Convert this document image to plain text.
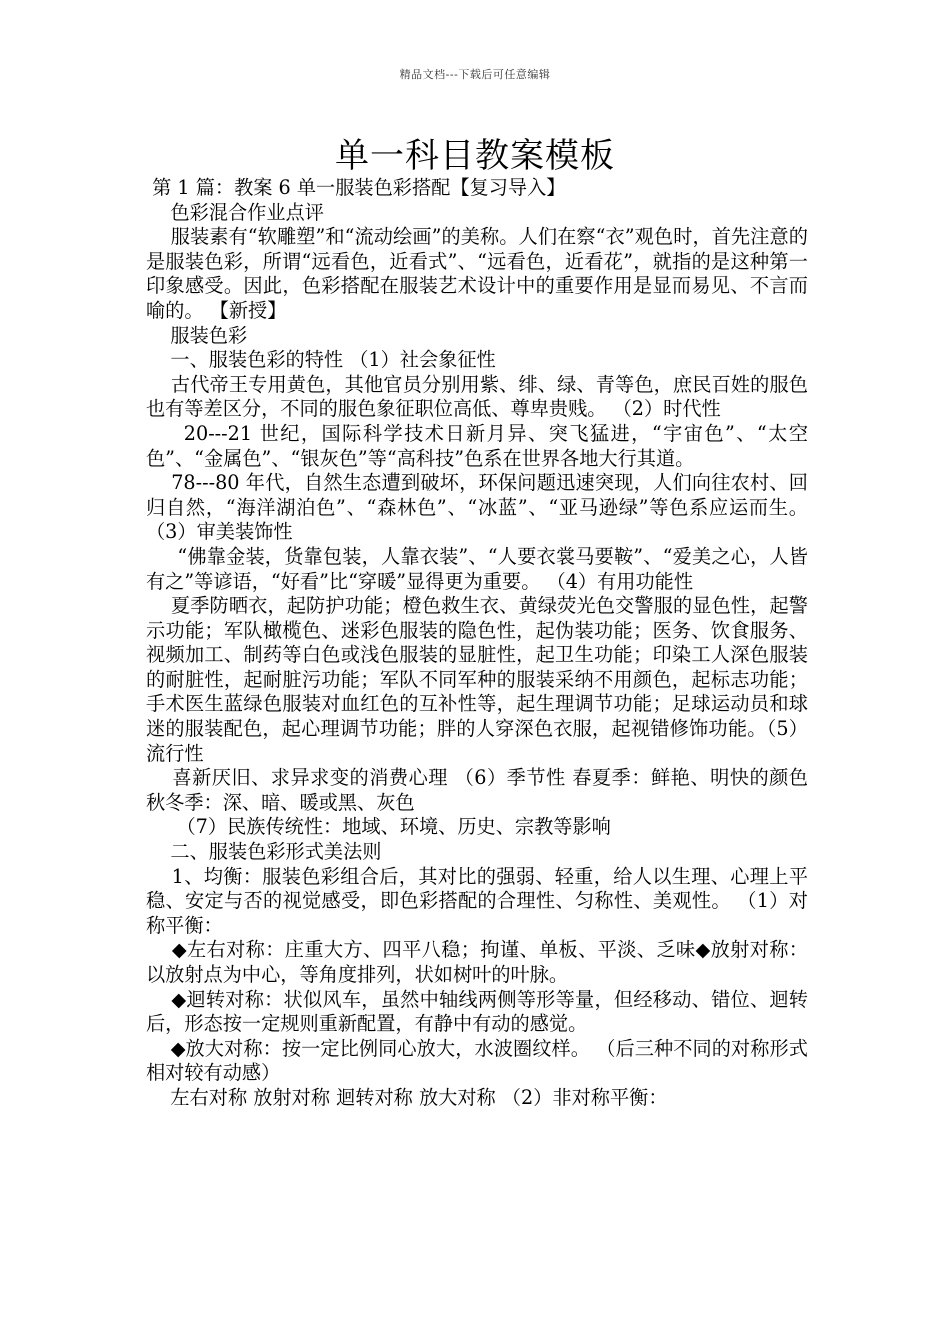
精品文档---下载后可任意编辑
单一科目教案模板

第 1 篇：教案 6 单一服装色彩搭配【复习导入】

色彩混合作业点评

服装素有“软雕塑”和“流动绘画”的美称。人们在察“衣”观色时，首先注意的是服装色彩，所谓“远看色，近看式”、“远看色，近看花”，就指的是这种第一印象感受。因此，色彩搭配在服装艺术设计中的重要作用是显而易见、不言而喻的。 【新授】

服装色彩

一、服装色彩的特性 （1）社会象征性

古代帝王专用黄色，其他官员分别用紫、绯、绿、青等色，庶民百姓的服色也有等差区分，不同的服色象征职位高低、尊卑贵贱。 （2）时代性

20---21 世纪，国际科学技术日新月异、突飞猛进，“宇宙色”、“太空色”、“金属色”、“银灰色”等“高科技”色系在世界各地大行其道。

78---80 年代，自然生态遭到破坏，环保问题迅速突现，人们向往农村、回归自然，“海洋湖泊色”、“森林色”、“冰蓝”、“亚马逊绿”等色系应运而生。 （3）审美装饰性

“佛靠金装，货靠包装，人靠衣装”、“人要衣裳马要鞍”、“爱美之心，人皆有之”等谚语，“好看”比“穿暖”显得更为重要。 （4）有用功能性

夏季防晒衣，起防护功能；橙色救生衣、黄绿荧光色交警服的显色性，起警示功能；军队橄榄色、迷彩色服装的隐色性，起伪装功能；医务、饮食服务、视频加工、制药等白色或浅色服装的显脏性，起卫生功能；印染工人深色服装的耐脏性，起耐脏污功能；军队不同军种的服装采纳不用颜色，起标志功能；手术医生蓝绿色服装对血红色的互补性等，起生理调节功能；足球运动员和球迷的服装配色，起心理调节功能；胖的人穿深色衣服，起视错修饰功能。（5）流行性

喜新厌旧、求异求变的消费心理 （6）季节性 春夏季：鲜艳、明快的颜色 秋冬季：深、暗、暖或黑、灰色

（7）民族传统性：地域、环境、历史、宗教等影响

二、服装色彩形式美法则

1、均衡：服装色彩组合后，其对比的强弱、轻重，给人以生理、心理上平稳、安定与否的视觉感受，即色彩搭配的合理性、匀称性、美观性。 （1）对称平衡：

◆左右对称：庄重大方、四平八稳；拘谨、单板、平淡、乏味◆放射对称：以放射点为中心，等角度排列，状如树叶的叶脉。

◆迴转对称：状似风车，虽然中轴线两侧等形等量，但经移动、错位、迴转后，形态按一定规则重新配置，有静中有动的感觉。

◆放大对称：按一定比例同心放大，水波圈纹样。 （后三种不同的对称形式相对较有动感）

左右对称 放射对称 迴转对称 放大对称 （2）非对称平衡：
